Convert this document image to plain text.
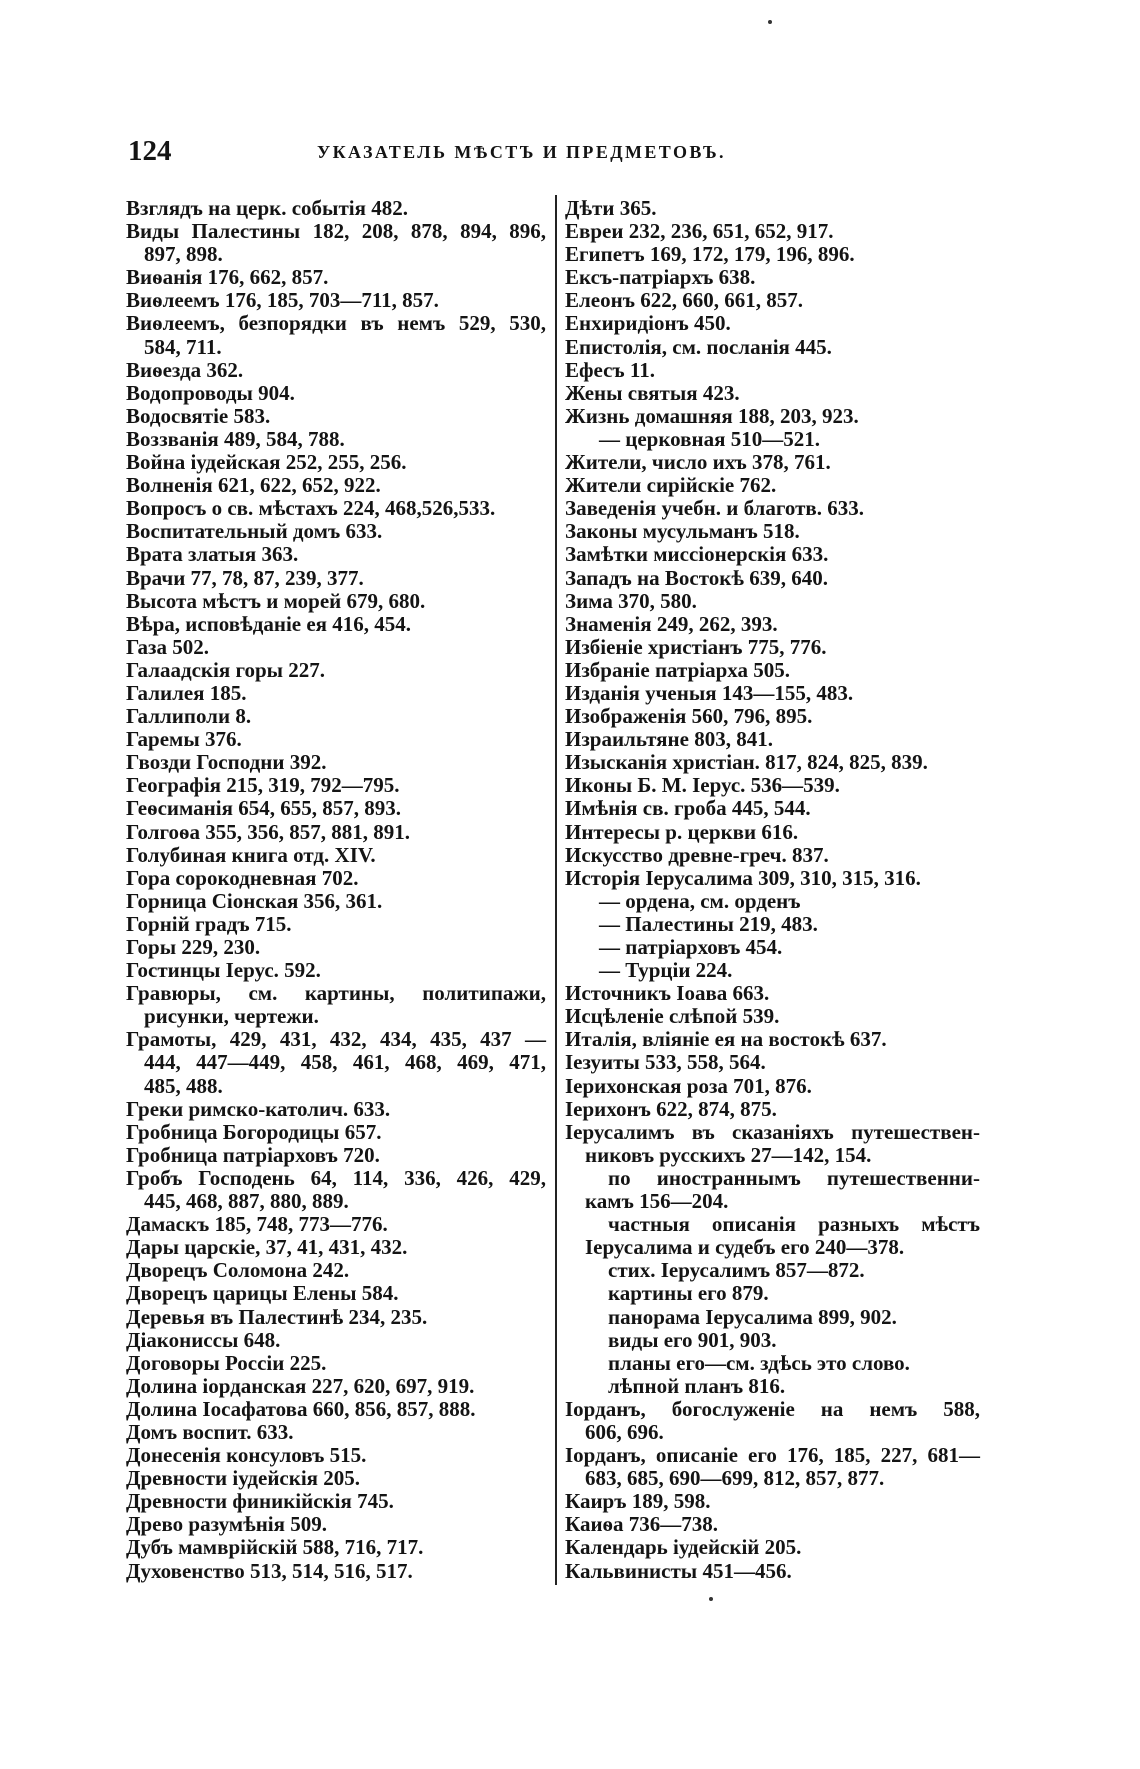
124	УКАЗАТЕЛЬ МѢСТЪ И ПРЕДМЕТОВЪ.
Взглядъ на церк. событія 482.
Виды Палестины 182, 208, 878, 894, 896,
897, 898.
Виѳанія 176, 662, 857.
Виѳлеемъ 176, 185, 703—711, 857.
Виѳлеемъ, безпорядки въ немъ 529, 530,
584, 711.
Виѳезда 362.
Водопроводы 904.
Водосвятіе 583.
Воззванія 489, 584, 788.
Война іудейская 252, 255, 256.
Волненія 621, 622, 652, 922.
Вопросъ о св. мѣстахъ 224, 468,526,533.
Воспитательный домъ 633.
Врата златыя 363.
Врачи 77, 78, 87, 239, 377.
Высота мѣстъ и морей 679, 680.
Вѣра, исповѣданіе ея 416, 454.
Газа 502.
Галаадскія горы 227.
Галилея 185.
Галлиполи 8.
Гаремы 376.
Гвозди Господни 392.
Географія 215, 319, 792—795.
Геѳсиманія 654, 655, 857, 893.
Голгоѳа 355, 356, 857, 881, 891.
Голубиная книга отд. XIV.
Гора сорокодневная 702.
Горница Сіонская 356, 361.
Горній градъ 715.
Горы 229, 230.
Гостинцы Іерус. 592.
Гравюры, см. картины, политипажи,
рисунки, чертежи.
Грамоты, 429, 431, 432, 434, 435, 437 —
444, 447—449, 458, 461, 468, 469, 471,
485, 488.
Греки римско-католич. 633.
Гробница Богородицы 657.
Гробница патріарховъ 720.
Гробъ Господень 64, 114, 336, 426, 429,
445, 468, 887, 880, 889.
Дамаскъ 185, 748, 773—776.
Дары царскіе, 37, 41, 431, 432.
Дворецъ Соломона 242.
Дворецъ царицы Елены 584.
Деревья въ Палестинѣ 234, 235.
Діакониссы 648.
Договоры Россіи 225.
Долина іорданская 227, 620, 697, 919.
Долина Іосафатова 660, 856, 857, 888.
Домъ воспит. 633.
Донесенія консуловъ 515.
Древности іудейскія 205.
Древности финикійскія 745.
Древо разумѣнія 509.
Дубъ мамврійскій 588, 716, 717.
Духовенство 513, 514, 516, 517.
Дѣти 365.
Евреи 232, 236, 651, 652, 917.
Египетъ 169, 172, 179, 196, 896.
Ексъ-патріархъ 638.
Елеонъ 622, 660, 661, 857.
Енхиридіонъ 450.
Епистолія, см. посланія 445.
Ефесъ 11.
Жены святыя 423.
Жизнь домашняя 188, 203, 923.
— церковная 510—521.
Жители, число ихъ 378, 761.
Жители сирійскіе 762.
Заведенія учебн. и благотв. 633.
Законы мусульманъ 518.
Замѣтки миссіонерскія 633.
Западъ на Востокѣ 639, 640.
Зима 370, 580.
Знаменія 249, 262, 393.
Избіеніе христіанъ 775, 776.
Избраніе патріарха 505.
Изданія ученыя 143—155, 483.
Изображенія 560, 796, 895.
Израильтяне 803, 841.
Изысканія христіан. 817, 824, 825, 839.
Иконы Б. М. Іерус. 536—539.
Имѣнія св. гроба 445, 544.
Интересы р. церкви 616.
Искусство древне-греч. 837.
Исторія Іерусалима 309, 310, 315, 316.
— ордена, см. орденъ
— Палестины 219, 483.
— патріарховъ 454.
— Турціи 224.
Источникъ Іоава 663.
Исцѣленіе слѣпой 539.
Италія, вліяніе ея на востокѣ 637.
Іезуиты 533, 558, 564.
Іерихонская роза 701, 876.
Іерихонъ 622, 874, 875.
Іерусалимъ въ сказаніяхъ путешествен-
никовъ русскихъ 27—142, 154.
по иностраннымъ путешественни-
камъ 156—204.
частныя описанія разныхъ мѣстъ
Іерусалима и судебъ его 240—378.
стих. Іерусалимъ 857—872.
картины его 879.
панорама Іерусалима 899, 902.
виды его 901, 903.
планы его—см. здѣсь это слово.
лѣпной планъ 816.
Іорданъ, богослуженіе на немъ 588,
606, 696.
Іорданъ, описаніе его 176, 185, 227, 681—
683, 685, 690—699, 812, 857, 877.
Каиръ 189, 598.
Каиѳа 736—738.
Календарь іудейскій 205.
Кальвинисты 451—456.
